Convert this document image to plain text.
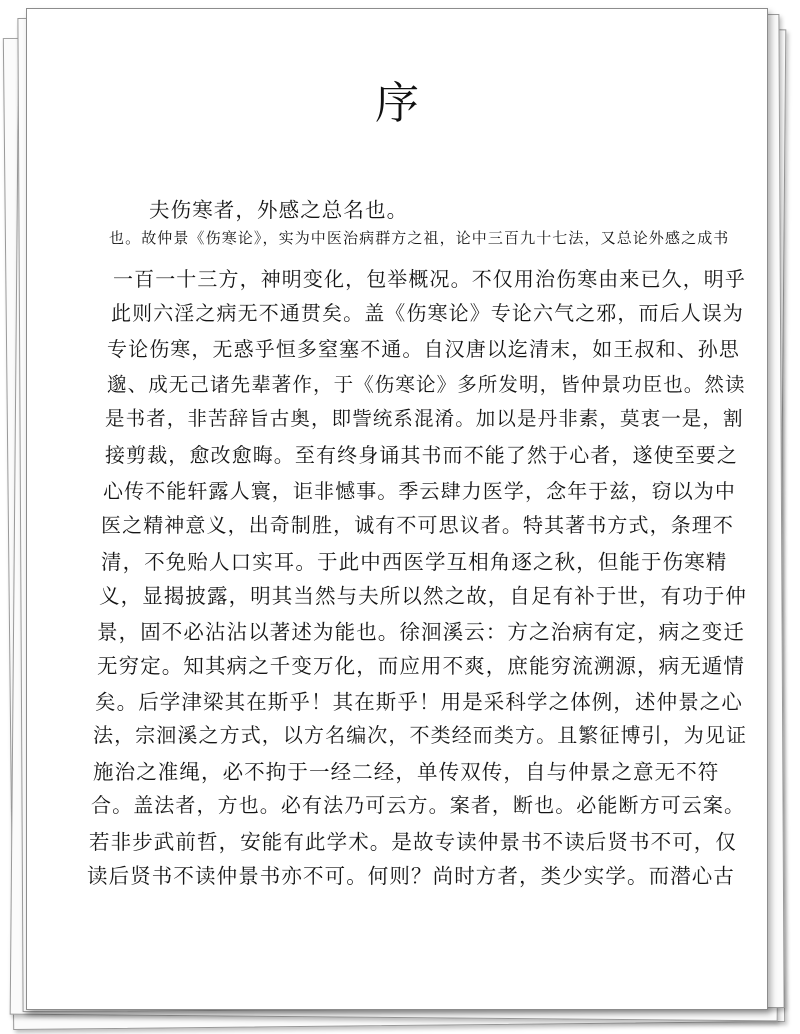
序
夫伤寒者，外感之总名也。
也。故仲景《伤寒论》，实为中医治病群方之祖，论中三百九十七法，又总论外感之成书
一百一十三方，神明变化，包举概况。不仅用治伤寒由来已久，明乎
此则六淫之病无不通贯矣。盖《伤寒论》专论六气之邪，而后人误为
专论伤寒，无惑乎恒多窒塞不通。自汉唐以迄清末，如王叔和、孙思
邈、成无己诸先辈著作，于《伤寒论》多所发明，皆仲景功臣也。然读
是书者，非苦辞旨古奥，即訾统系混淆。加以是丹非素，莫衷一是，割
接剪裁，愈改愈晦。至有终身诵其书而不能了然于心者，遂使至要之
心传不能轩露人寰，讵非憾事。季云肆力医学，念年于兹，窃以为中
医之精神意义，出奇制胜，诚有不可思议者。特其著书方式，条理不
清，不免贻人口实耳。于此中西医学互相角逐之秋，但能于伤寒精
义，显揭披露，明其当然与夫所以然之故，自足有补于世，有功于仲
景，固不必沾沾以著述为能也。徐洄溪云：方之治病有定，病之变迁
无穷定。知其病之千变万化，而应用不爽，庶能穷流溯源，病无遁情
矣。后学津梁其在斯乎！其在斯乎！用是采科学之体例，述仲景之心
法，宗洄溪之方式，以方名编次，不类经而类方。且繁征博引，为见证
施治之准绳，必不拘于一经二经，单传双传，自与仲景之意无不符
合。盖法者，方也。必有法乃可云方。案者，断也。必能断方可云案。
若非步武前哲，安能有此学术。是故专读仲景书不读后贤书不可，仅
读后贤书不读仲景书亦不可。何则？尚时方者，类少实学。而潜心古
